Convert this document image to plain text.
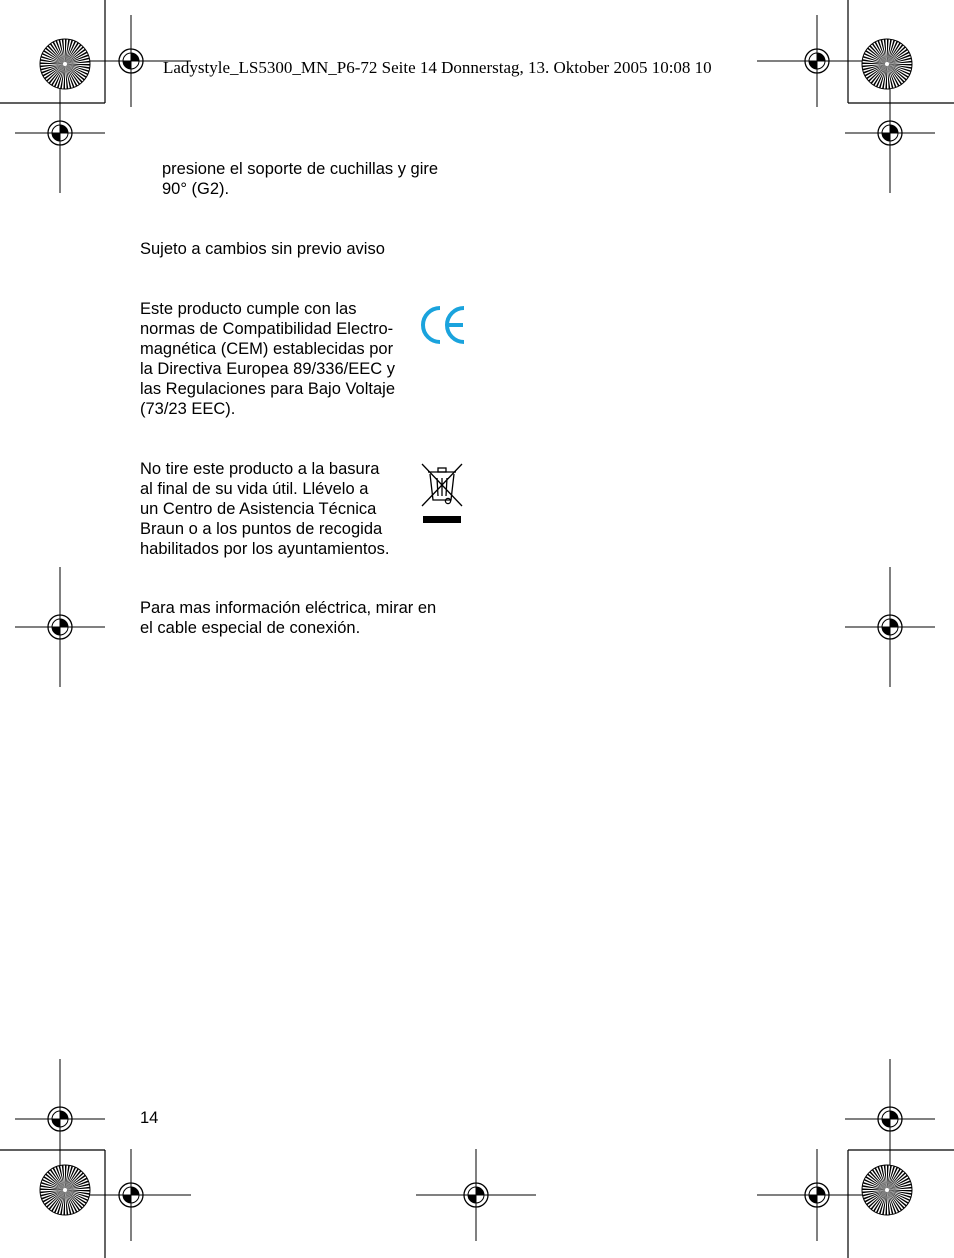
Ladystyle_LS5300_MN_P6-72 Seite 14 Donnerstag, 13. Oktober 2005 10:08 10
presione el soporte de cuchillas y gire
90° (G2).
Sujeto a cambios sin previo aviso
Este producto cumple con las
normas de Compatibilidad Electro-
magnética (CEM) establecidas por
la Directiva Europea 89/336/EEC y
las Regulaciones para Bajo Voltaje
(73/23 EEC).
No tire este producto a la basura
al final de su vida útil. Llévelo a
un Centro de Asistencia Técnica
Braun o a los puntos de recogida
habilitados por los ayuntamientos.
Para mas información eléctrica, mirar en
el cable especial de conexión.
14
